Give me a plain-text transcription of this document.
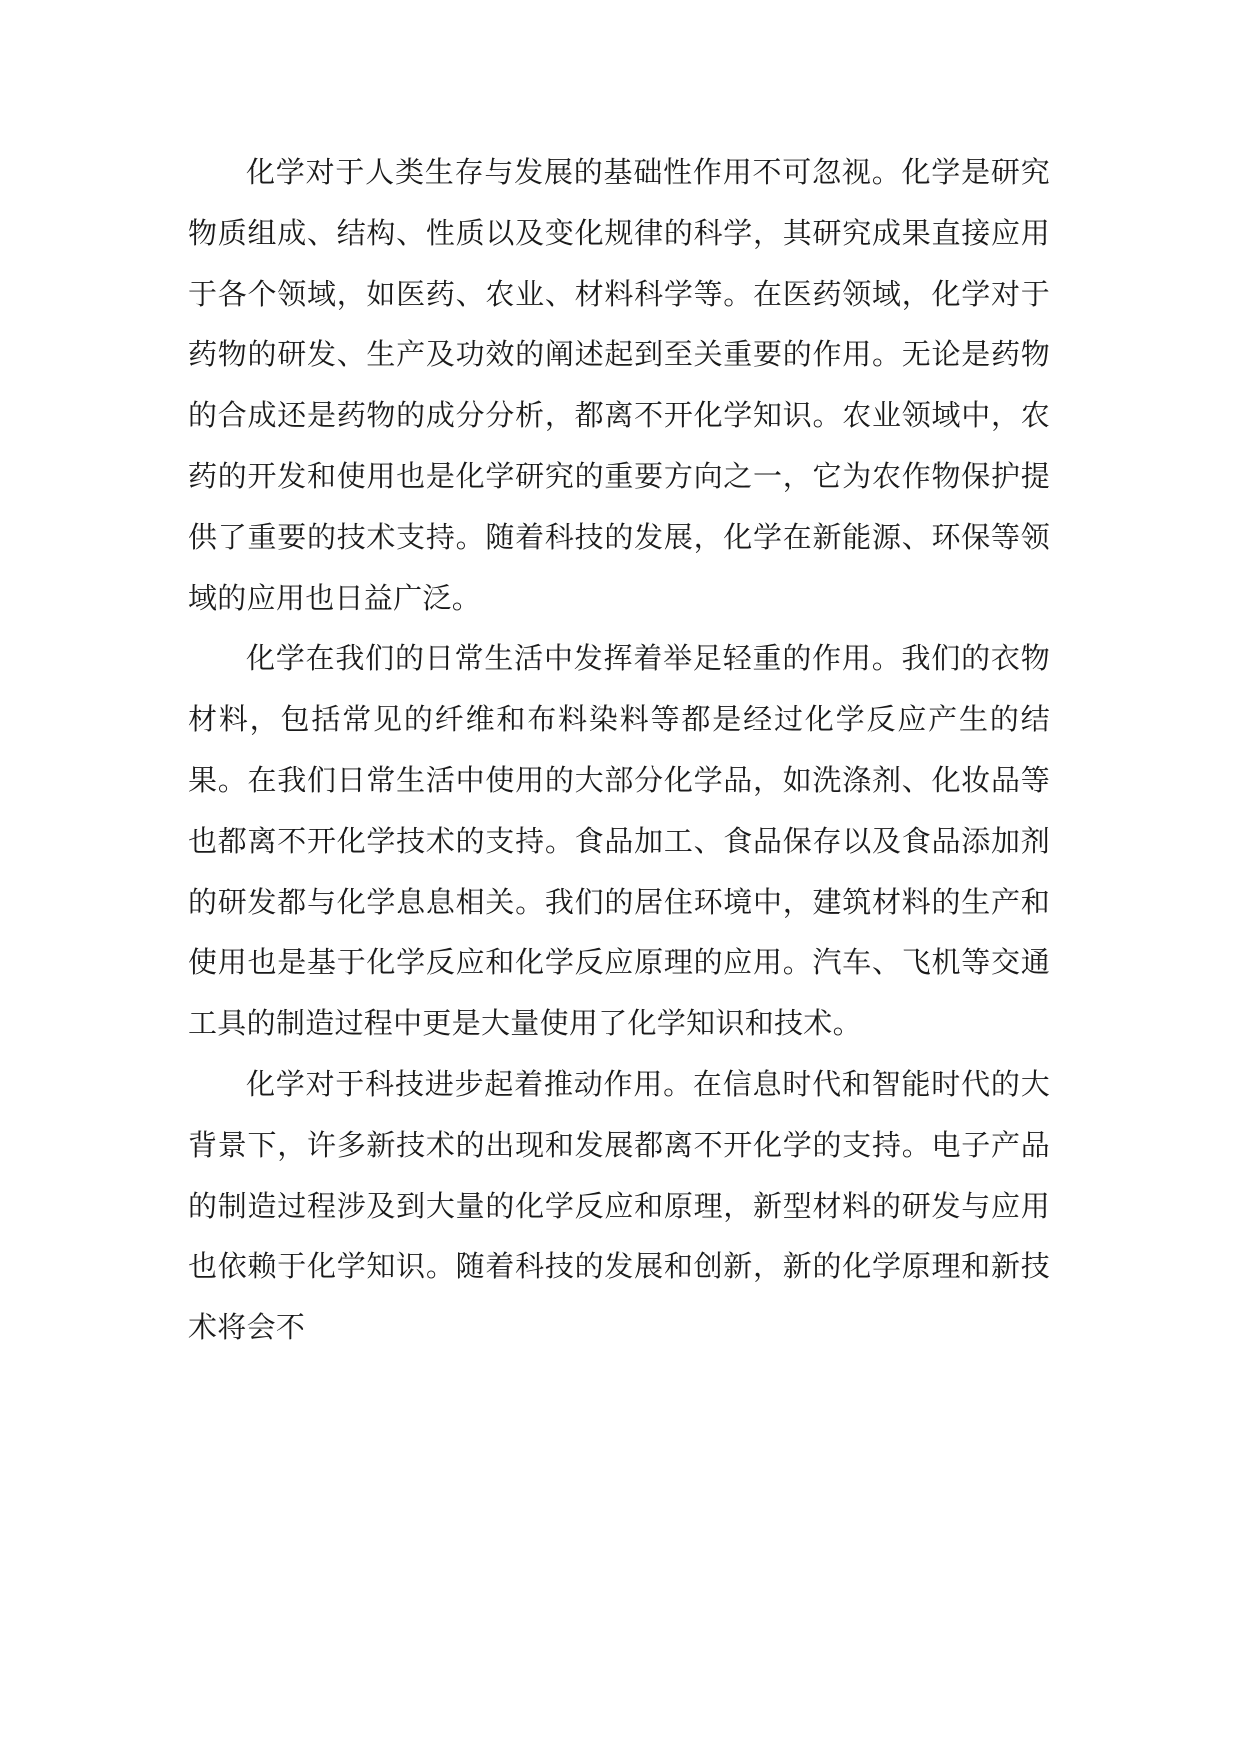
化学对于人类生存与发展的基础性作用不可忽视。化学是研究物质组成、结构、性质以及变化规律的科学，其研究成果直接应用于各个领域，如医药、农业、材料科学等。在医药领域，化学对于药物的研发、生产及功效的阐述起到至关重要的作用。无论是药物的合成还是药物的成分分析，都离不开化学知识。农业领域中，农药的开发和使用也是化学研究的重要方向之一，它为农作物保护提供了重要的技术支持。随着科技的发展，化学在新能源、环保等领域的应用也日益广泛。

化学在我们的日常生活中发挥着举足轻重的作用。我们的衣物材料，包括常见的纤维和布料染料等都是经过化学反应产生的结果。在我们日常生活中使用的大部分化学品，如洗涤剂、化妆品等也都离不开化学技术的支持。食品加工、食品保存以及食品添加剂的研发都与化学息息相关。我们的居住环境中，建筑材料的生产和使用也是基于化学反应和化学反应原理的应用。汽车、飞机等交通工具的制造过程中更是大量使用了化学知识和技术。

化学对于科技进步起着推动作用。在信息时代和智能时代的大背景下，许多新技术的出现和发展都离不开化学的支持。电子产品的制造过程涉及到大量的化学反应和原理，新型材料的研发与应用也依赖于化学知识。随着科技的发展和创新，新的化学原理和新技术将会不
